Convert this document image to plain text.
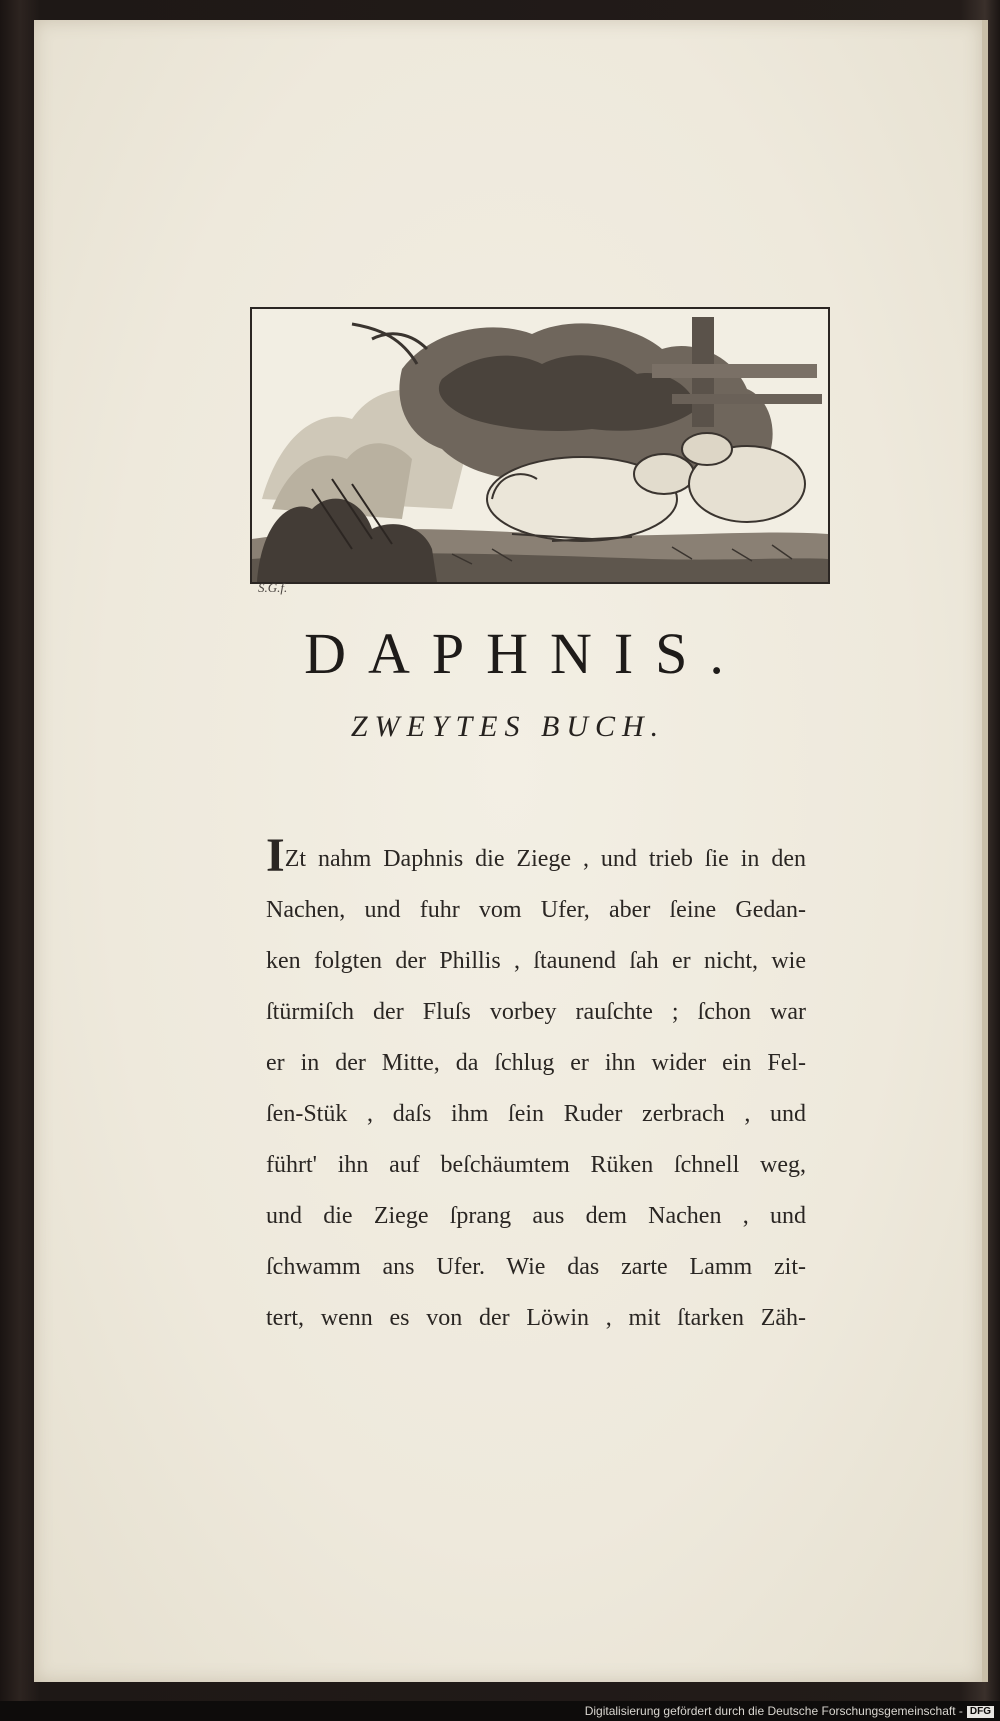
S.G.f.
DAPHNIS.
ZWEYTES BUCH.
IZt nahm Daphnis die Ziege , und trieb ſie in den
Nachen, und fuhr vom Ufer, aber ſeine Gedan-
ken folgten der Phillis , ſtaunend ſah er nicht, wie
ſtürmiſch der Fluſs vorbey rauſchte ; ſchon war
er in der Mitte, da ſchlug er ihn wider ein Fel-
ſen-Stük , daſs ihm ſein Ruder zerbrach , und
führt' ihn auf beſchäumtem Rüken ſchnell weg,
und die Ziege ſprang aus dem Nachen , und
ſchwamm ans Ufer. Wie das zarte Lamm zit-
tert, wenn es von der Löwin , mit ſtarken Zäh-
Digitalisierung gefördert durch die Deutsche Forschungsgemeinschaft - DFG
